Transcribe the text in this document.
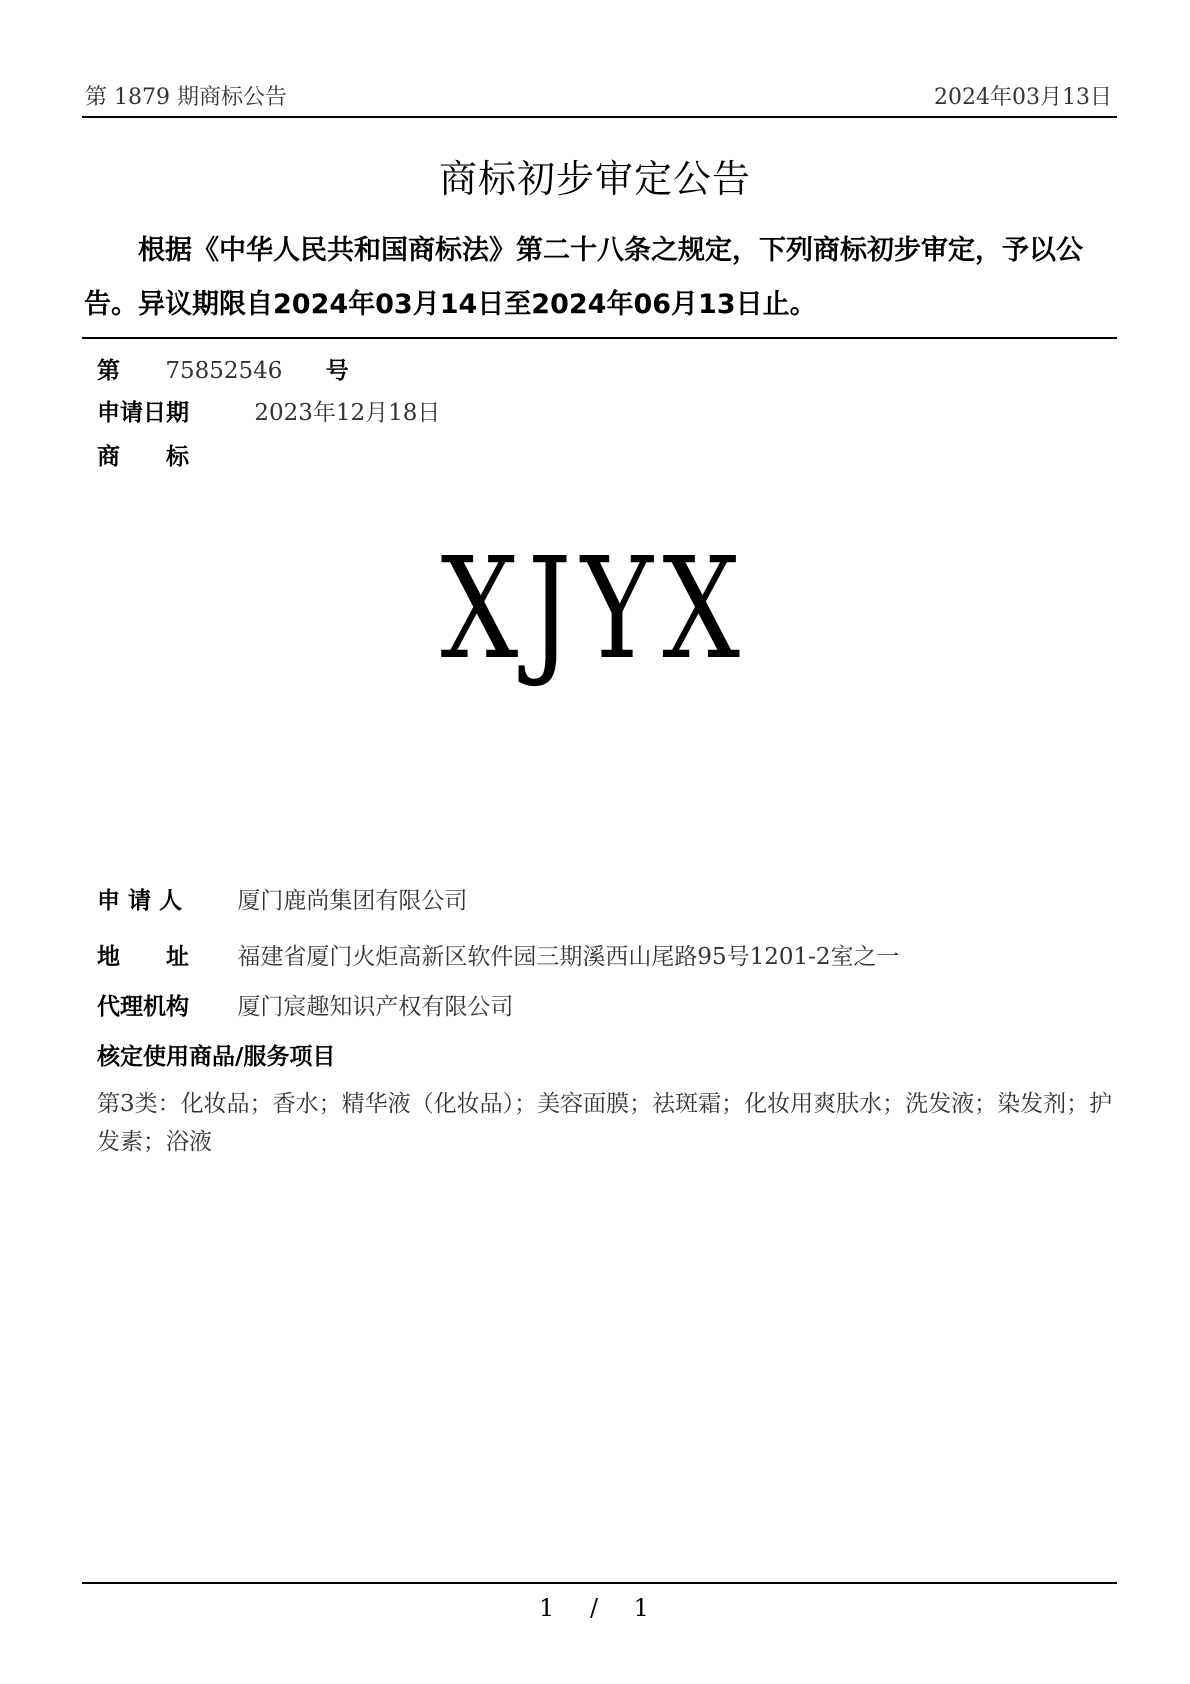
第 1879 期商标公告	2024年03月13日
商标初步审定公告
根据《中华人民共和国商标法》第二十八条之规定，下列商标初步审定，予以公告。异议期限自2024年03月14日至2024年06月13日止。
第 75852546 号
申请日期	2023年12月18日
商　　标
XJYX
申 请 人 厦门鹿尚集团有限公司
地　　址 福建省厦门火炬高新区软件园三期溪西山尾路95号1201-2室之一
代理机构 厦门宸趣知识产权有限公司
核定使用商品/服务项目
第3类：化妆品；香水；精华液（化妆品）；美容面膜；祛斑霜；化妆用爽肤水；洗发液；染发剂；护发素；浴液
1 / 1
